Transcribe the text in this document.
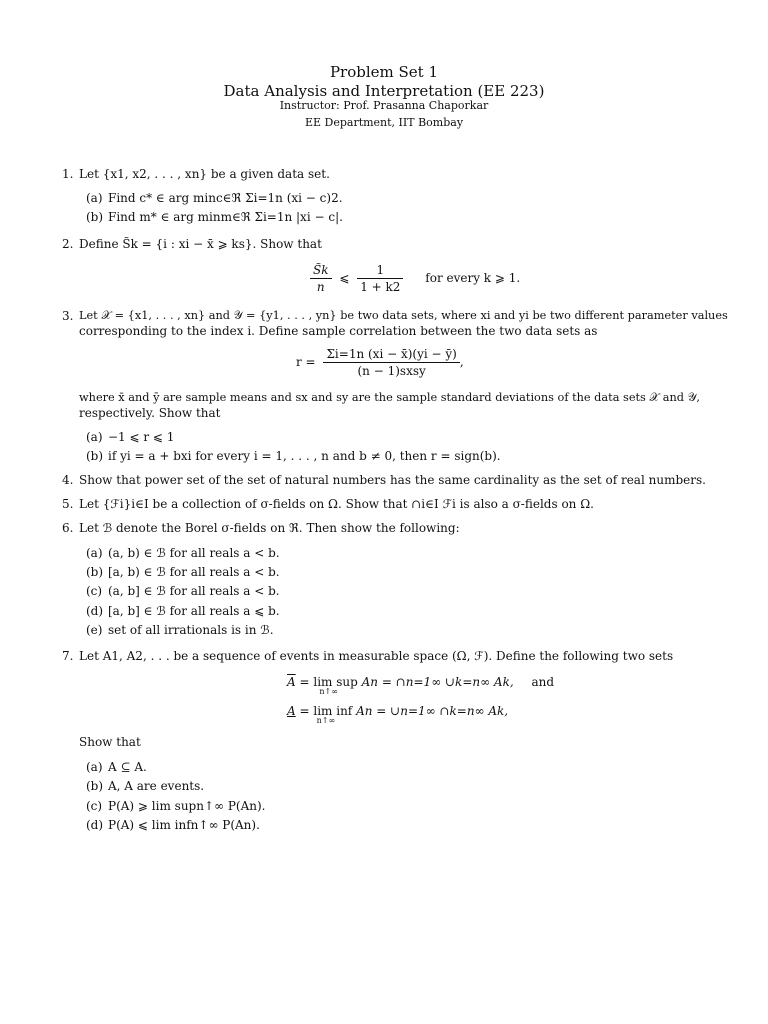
Problem Set 1
Data Analysis and Interpretation (EE 223)
Instructor: Prof. Prasanna Chaporkar
EE Department, IIT Bombay
1. Let {x1, x2, . . . , xn} be a given data set.
(a) Find c* ∈ arg minc∈ℜ Σi=1n (xi − c)2.
(b) Find m* ∈ arg minm∈ℜ Σi=1n |xi − c|.
2. Define S̃k = {i : xi − x̄ ⩾ ks}. Show that
$\frac{S̃k}{n}$ ⩽ $\frac{1}{1 + k2}$ for every k ⩾ 1.
3. Let 𝒳 = {x1, . . . , xn} and 𝒴 = {y1, . . . , yn} be two data sets, where xi and yi be two different parameter values
corresponding to the index i. Define sample correlation between the two data sets as
$r = \frac{\Sigma i=1n (xi - x̄)(yi - ȳ)}{\text{(n − 1)sxsy}}$ ,
where x̄ and ȳ are sample means and sx and sy are the sample standard deviations of the data sets 𝒳 and 𝒴,
respectively. Show that
(a) −1 ⩽ r ⩽ 1
(b) if yi = a + bxi for every i = 1, . . . , n and b ≠ 0, then r = sign(b).
4. Show that power set of the set of natural numbers has the same cardinality as the set of real numbers.
5. Let {ℱi}i∈I be a collection of σ-fields on Ω. Show that ∩i∈I ℱi is also a σ-fields on Ω.
6. Let ℬ denote the Borel σ-fields on ℜ. Then show the following:
(a) (a, b) ∈ ℬ for all reals a < b.
(b) [a, b) ∈ ℬ for all reals a < b.
(c) (a, b] ∈ ℬ for all reals a < b.
(d) [a, b] ∈ ℬ for all reals a ⩽ b.
(e) set of all irrationals is in ℬ.
7. Let A1, A2, . . . be a sequence of events in measurable space (Ω, ℱ). Define the following two sets
$\overline{A} = \lim$ sup
n↑∞
An = ∩n=1∞ ∪k=n∞ Ak, and
A = lim inf
n↑∞
An = ∪n=1∞ ∩k=n∞ Ak,
Show that
(a) A ⊆ A.
(b) A, A are events.
(c) P(A) ⩾ lim supn↑∞ P(An).
(d) P(A) ⩽ lim infn↑∞ P(An).
